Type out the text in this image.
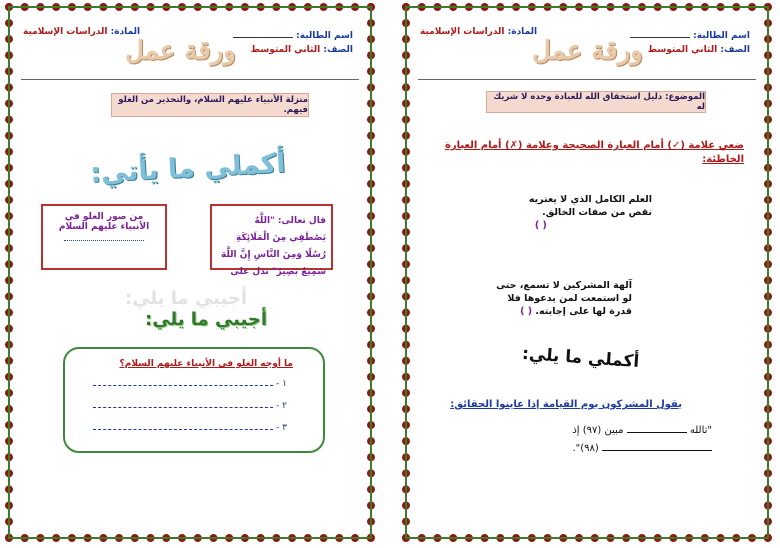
اسم الطالبة:
الصف: الثاني المتوسط
المادة: الدراسات الإسلامية
ورقة عمل
منزلة الأنبياء عليهم السلام، والتحذير من الغلو فيهم.
أكملي ما يأتي:
من صور الغلو في الأنبياء عليهم السلام
قال تعالى: "اللَّهُ يَصْطَفِي مِنَ الْمَلَائِكَةِ رُسُلًا وَمِنَ النَّاسِ إِنَّ اللَّهَ سَمِيعٌ بَصِيرٌ" تدل على
أجيبي ما يلي:
أجيبي ما يلي:
ما أوجه الغلو في الأنبياء عليهم السلام؟
١ -
٢ -
٣ -
اسم الطالبة:
الصف: الثاني المتوسط
المادة: الدراسات الإسلامية
ورقة عمل
الموضوع: دليل استحقاق الله للعبادة وحده لا شريك له
ضعي علامة (✓) أمام العبارة الصحيحة وعلامة (✗) أمام العبارة الخاطئة:
العلم الكامل الذي لا يعتريه
نقص من صفات الخالق.
( )
آلهة المشركين لا تسمع، حتى
لو استمعت لمن يدعوها فلا
قدرة لها على إجابته. ( )
أكملي ما يلي:
يقول المشركون يوم القيامة إذا عاينوا الحقائق:
"تالله  مبين (٩٧) إذ
(٩٨)".
